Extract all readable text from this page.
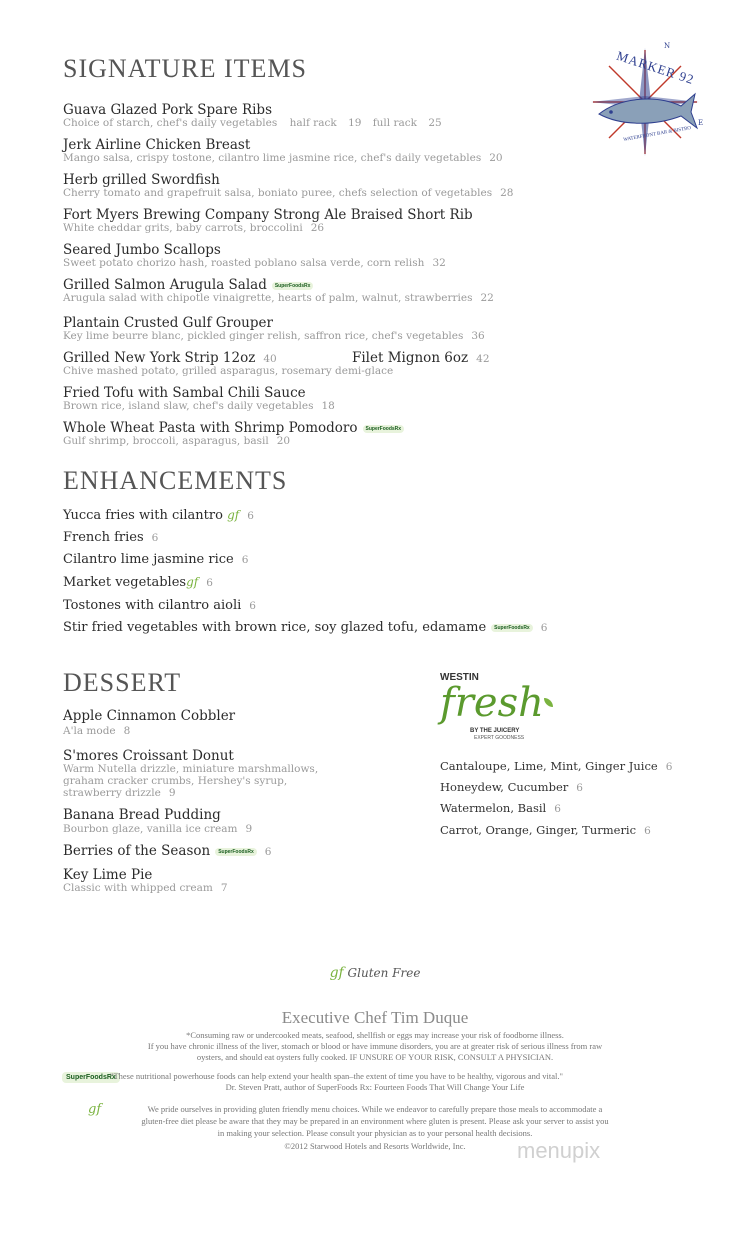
SIGNATURE ITEMS	MARKER 92
WATERFRONT BAR & BISTRO
N
E
Guava Glazed Pork Spare Ribs
Choice of starch, chef's daily vegetables half rack 19 full rack 25
Jerk Airline Chicken Breast
Mango salsa, crispy tostone, cilantro lime jasmine rice, chef's daily vegetables 20
Herb grilled Swordfish
Cherry tomato and grapefruit salsa, boniato puree, chefs selection of vegetables 28
Fort Myers Brewing Company Strong Ale Braised Short Rib
White cheddar grits, baby carrots, broccolini 26
Seared Jumbo Scallops
Sweet potato chorizo hash, roasted poblano salsa verde, corn relish 32
Grilled Salmon Arugula Salad SuperFoodsRx
Arugula salad with chipotle vinaigrette, hearts of palm, walnut, strawberries 22
Plantain Crusted Gulf Grouper
Key lime beurre blanc, pickled ginger relish, saffron rice, chef's vegetables 36
Grilled New York Strip 12oz 40	Filet Mignon 6oz 42
Chive mashed potato, grilled asparagus, rosemary demi-glace
Fried Tofu with Sambal Chili Sauce
Brown rice, island slaw, chef's daily vegetables 18
Whole Wheat Pasta with Shrimp Pomodoro SuperFoodsRx
Gulf shrimp, broccoli, asparagus, basil 20
ENHANCEMENTS
Yucca fries with cilantro gf 6
French fries 6
Cilantro lime jasmine rice 6
Market vegetablesgf 6
Tostones with cilantro aioli 6
Stir fried vegetables with brown rice, soy glazed tofu, edamame SuperFoodsRx 6
DESSERT
Apple Cinnamon Cobbler
A'la mode 8
S'mores Croissant Donut
Warm Nutella drizzle, miniature marshmallows,
graham cracker crumbs, Hershey's syrup,
strawberry drizzle 9
Banana Bread Pudding
Bourbon glaze, vanilla ice cream 9
Berries of the Season SuperFoodsRx 6
Key Lime Pie
Classic with whipped cream 7
WESTIN
fresh
BY THE JUICERY
EXPERT GOODNESS
Cantaloupe, Lime, Mint, Ginger Juice 6
Honeydew, Cucumber 6
Watermelon, Basil 6
Carrot, Orange, Ginger, Turmeric 6
gf Gluten Free
Executive Chef Tim Duque
*Consuming raw or undercooked meats, seafood, shellfish or eggs may increase your risk of foodborne illness.
If you have chronic illness of the liver, stomach or blood or have immune disorders, you are at greater risk of serious illness from raw
oysters, and should eat oysters fully cooked. IF UNSURE OF YOUR RISK, CONSULT A PHYSICIAN.
SuperFoodsRx
"These nutritional powerhouse foods can help extend your health span–the extent of time you have to be healthy, vigorous and vital."
Dr. Steven Pratt, author of SuperFoods Rx: Fourteen Foods That Will Change Your Life
gf	We pride ourselves in providing gluten friendly menu choices. While we endeavor to carefully prepare those meals to accommodate a
gluten-free diet please be aware that they may be prepared in an environment where gluten is present. Please ask your server to assist you
in making your selection. Please consult your physician as to your personal health decisions.
©2012 Starwood Hotels and Resorts Worldwide, Inc.	menupix
